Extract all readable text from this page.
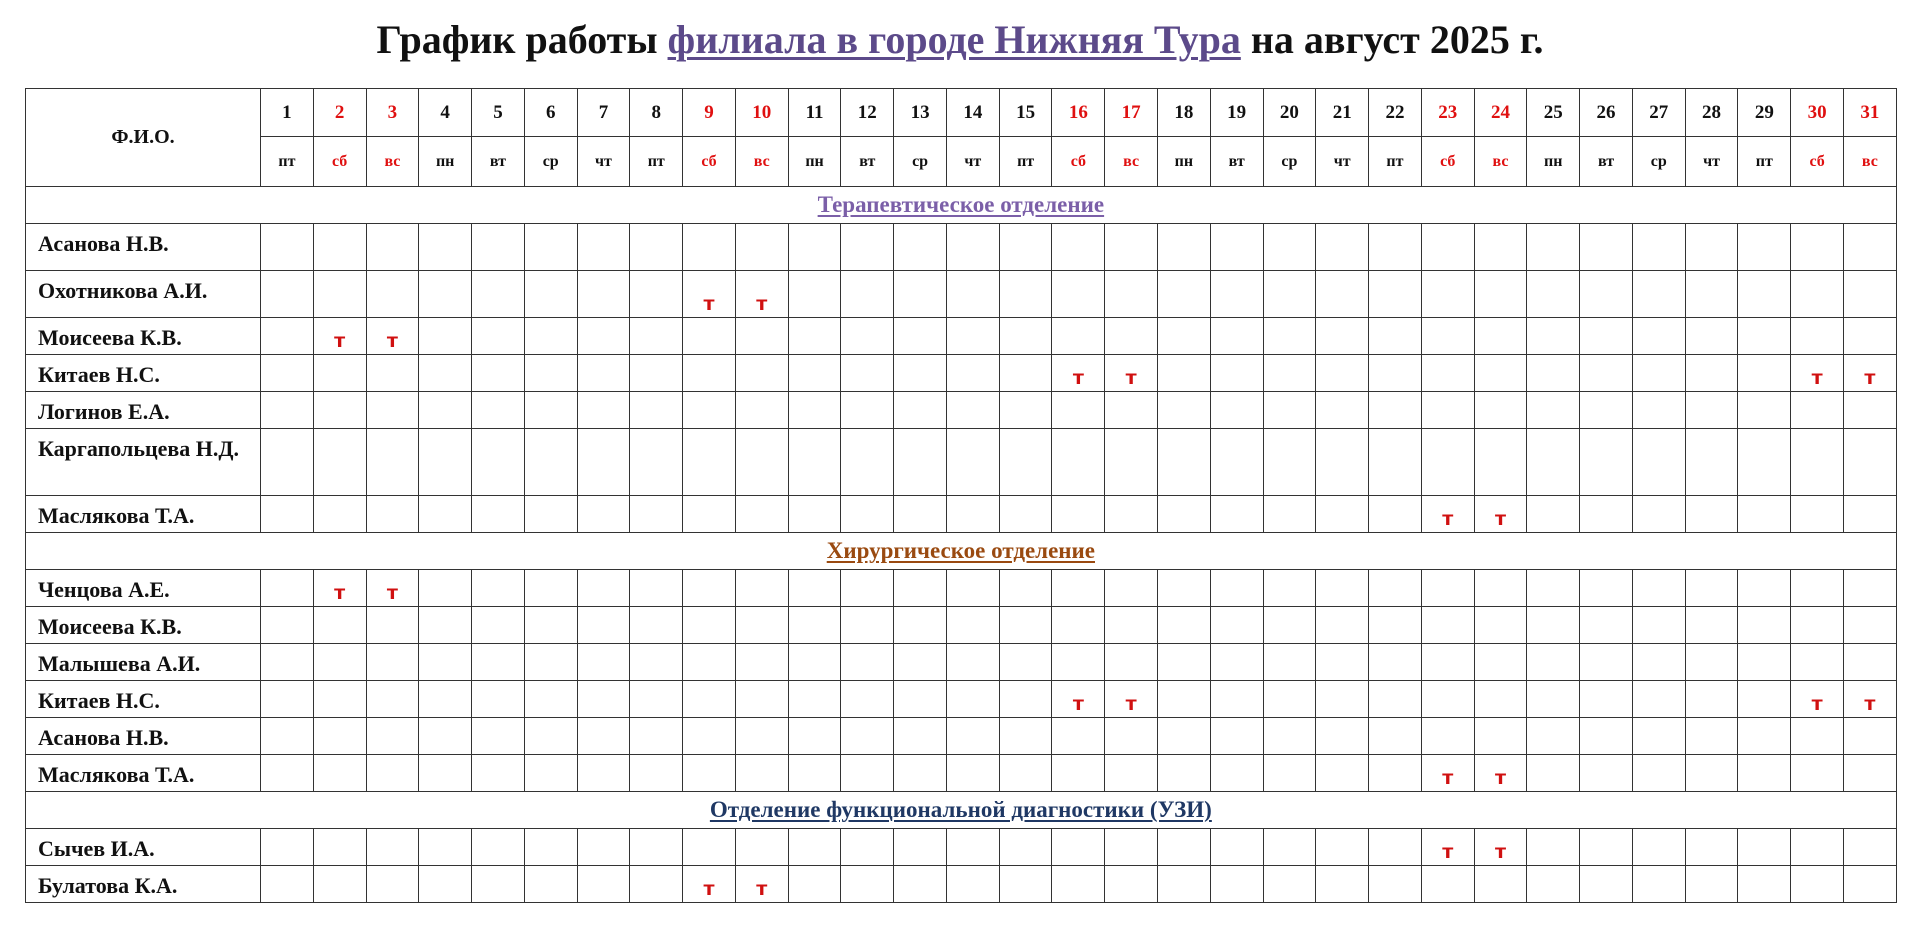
График работы филиала в городе Нижняя Тура на август 2025 г.
Ф.И.О.	1	2	3	4	5	6	7	8	9	10	11	12	13	14	15	16	17	18	19	20	21	22	23	24	25	26	27	28	29	30	31
	пт	сб	вс	пн	вт	ср	чт	пт	сб	вс	пн	вт	ср	чт	пт	сб	вс	пн	вт	ср	чт	пт	сб	вс	пн	вт	ср	чт	пт	сб	вс
Терапевтическое отделение																															
Асанова Н.В.																															
Охотникова А.И.									т	т																					
Моисеева К.В.		т	т																												
Китаев Н.С.																т	т													т	т
Логинов Е.А.																															
Каргапольцева Н.Д.																															
Маслякова Т.А.																							т	т							
Хирургическое отделение																															
Ченцова А.Е.		т	т																												
Моисеева К.В.																															
Малышева А.И.																															
Китаев Н.С.																т	т													т	т
Асанова Н.В.																															
Маслякова Т.А.																							т	т							
Отделение функциональной диагностики (УЗИ)																															
Сычев И.А.																							т	т							
Булатова К.А.									т	т																					
